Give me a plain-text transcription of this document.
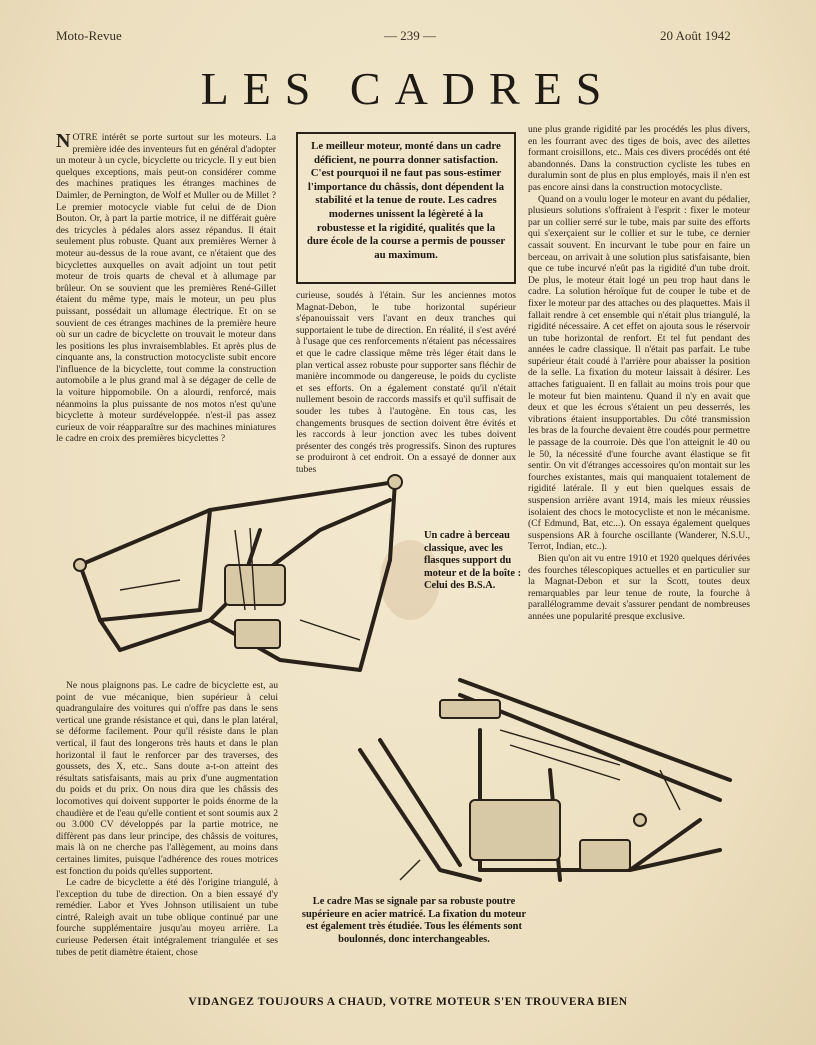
Moto-Revue	— 239 —	20 Août 1942
LES CADRES

NOTRE intérêt se porte surtout sur les moteurs. La première idée des inventeurs fut en général d'adopter un moteur à un cycle, bicyclette ou tricycle. Il y eut bien quelques exceptions, mais peut-on considérer comme des machines pratiques les étranges machines de Daimler, de Pernington, de Wolf et Muller ou de Millet ? Le premier motocycle viable fut celui de de Dion Bouton. Or, à part la partie motrice, il ne différait guère des tricycles à pédales alors assez répandus. Il était seulement plus robuste. Quant aux premières Werner à moteur au-dessus de la roue avant, ce n'étaient que des bicyclettes auxquelles on avait adjoint un tout petit moteur de trois quarts de cheval et à allumage par brûleur. On se souvient que les premières René-Gillet étaient du même type, mais le moteur, un peu plus puissant, possédait un allumage électrique. Et on se souvient de ces étranges machines de la première heure où sur un cadre de bicyclette on trouvait le moteur dans les positions les plus invraisemblables. Et après plus de cinquante ans, la construction motocycliste subit encore l'influence de la bicyclette, tout comme la construction automobile a le plus grand mal à se dégager de celle de la voiture hippomobile. On a alourdi, renforcé, mais néanmoins la plus puissante de nos motos n'est qu'une bicyclette à moteur surdéveloppée. n'est-il pas assez curieux de voir réapparaître sur des machines miniatures le cadre en croix des premières bicyclettes ?

Le meilleur moteur, monté dans un cadre déficient, ne pourra donner satisfaction. C'est pourquoi il ne faut pas sous-estimer l'importance du châssis, dont dépendent la stabilité et la tenue de route. Les cadres modernes unissent la légèreté à la robustesse et la rigidité, qualités que la dure école de la course a permis de pousser au maximum.

curieuse, soudés à l'étain. Sur les anciennes motos Magnat-Debon, le tube horizontal supérieur s'épanouissait vers l'avant en deux tranches qui supportaient le tube de direction. En réalité, il s'est avéré à l'usage que ces renforcements n'étaient pas nécessaires et que le cadre classique même très léger était dans le plan vertical assez robuste pour supporter sans fléchir de manière incommode ou dangereuse, le poids du cycliste et ses efforts. On a également constaté qu'il n'était nullement besoin de raccords massifs et qu'il suffisait de souder les tubes à l'autogène. En tous cas, les changements brusques de section doivent être évités et les raccords à leur jonction avec les tubes doivent présenter des congés très progressifs. Sinon des ruptures se produiront à cet endroit. On a essayé de donner aux tubes

une plus grande rigidité par les procédés les plus divers, en les fourrant avec des tiges de bois, avec des ailettes formant croisillons, etc.. Mais ces divers procédés ont été abandonnés. Dans la construction cycliste les tubes en duralumin sont de plus en plus employés, mais il n'en est pas encore ainsi dans la construction motocycliste.

Quand on a voulu loger le moteur en avant du pédalier, plusieurs solutions s'offraient à l'esprit : fixer le moteur par un collier serré sur le tube, mais par suite des efforts qui s'exerçaient sur le collier et sur le tube, ce dernier cassait souvent. En incurvant le tube pour en faire un berceau, on arrivait à une solution plus satisfaisante, bien que ce tube incurvé n'eût pas la rigidité d'un tube droit. De plus, le moteur était logé un peu trop haut dans le cadre. La solution héroïque fut de couper le tube et de fixer le moteur par des attaches ou des plaquettes. Mais il fallait rendre à cet ensemble qui n'était plus triangulé, la rigidité nécessaire. A cet effet on ajouta sous le réservoir un tube horizontal de renfort. Et tel fut pendant des années le cadre classique. Il n'était pas parfait. Le tube supérieur était coudé à l'arrière pour abaisser la position de la selle. La fixation du moteur laissait à désirer. Les attaches fatiguaient. Il en fallait au moins trois pour que le moteur fut bien maintenu. Quand il n'y en avait que deux et que les écrous s'étaient un peu desserrés, les vibrations étaient insupportables. Du côté transmission les bras de la fourche devaient être coudés pour permettre le passage de la courroie. Dès que l'on atteignit le 40 ou le 50, la nécessité d'une fourche avant élastique se fit sentir. On vit d'étranges accessoires qu'on montait sur les fourches existantes, mais qui manquaient totalement de rigidité latérale. Il y eut bien quelques essais de suspension arrière avant 1914, mais les mieux réussies isolaient des chocs le motocycliste et non le mécanisme. (Cf Edmund, Bat, etc...). On essaya également quelques suspensions AR à fourche oscillante (Wanderer, N.S.U., Terrot, Indian, etc..).

Bien qu'on ait vu entre 1910 et 1920 quelques dérivées des fourches télescopiques actuelles et en particulier sur la Magnat-Debon et sur la Scott, toutes deux remarquables par leur tenue de route, la fourche à parallélogramme devait s'assurer pendant de nombreuses années une popularité presque exclusive.

Un cadre à berceau classique, avec les flasques support du moteur et de la boîte : Celui des B.S.A.

Ne nous plaignons pas. Le cadre de bicyclette est, au point de vue mécanique, bien supérieur à celui quadrangulaire des voitures qui n'offre pas dans le sens vertical une grande résistance et qui, dans le plan latéral, se déforme facilement. Pour qu'il résiste dans le plan vertical, il faut des longerons très hauts et dans le plan horizontal il faut le renforcer par des traverses, des goussets, des X, etc.. Sans doute a-t-on atteint des résultats satisfaisants, mais au prix d'une augmentation du poids et du prix. On nous dira que les châssis des locomotives qui doivent supporter le poids énorme de la chaudière et de l'eau qu'elle contient et sont soumis aux 2 ou 3.000 CV développés par la partie motrice, ne diffèrent pas dans leur principe, des châssis de voitures, mais là on ne cherche pas l'allègement, au moins dans certaines limites, puisque l'adhérence des roues motrices est fonction du poids qu'elles supportent.

Le cadre de bicyclette a été dès l'origine triangulé, à l'exception du tube de direction. On a bien essayé d'y remédier. Labor et Yves Johnson utilisaient un tube cintré, Raleigh avait un tube oblique continué par une fourche supplémentaire jusqu'au moyeu arrière. La curieuse Pedersen était intégralement triangulée et ses tubes de petit diamètre étaient, chose

Le cadre Mas se signale par sa robuste poutre supérieure en acier matricé. La fixation du moteur est également très étudiée. Tous les éléments sont boulonnés, donc interchangeables.
VIDANGEZ TOUJOURS A CHAUD, VOTRE MOTEUR S'EN TROUVERA BIEN
